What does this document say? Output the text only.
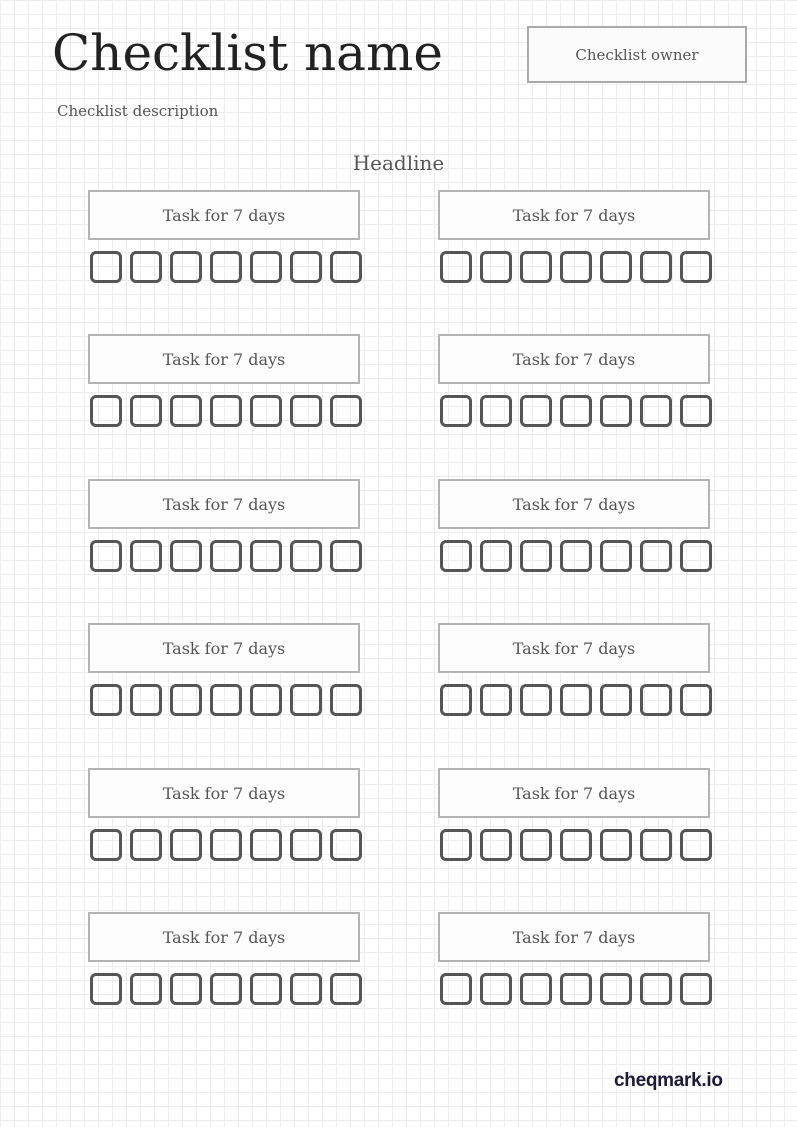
Checklist name	Checklist owner
Checklist description
Headline
Task for 7 days	Task for 7 days
Task for 7 days	Task for 7 days
Task for 7 days	Task for 7 days
Task for 7 days	Task for 7 days
Task for 7 days	Task for 7 days
Task for 7 days	Task for 7 days
cheqmark.io
